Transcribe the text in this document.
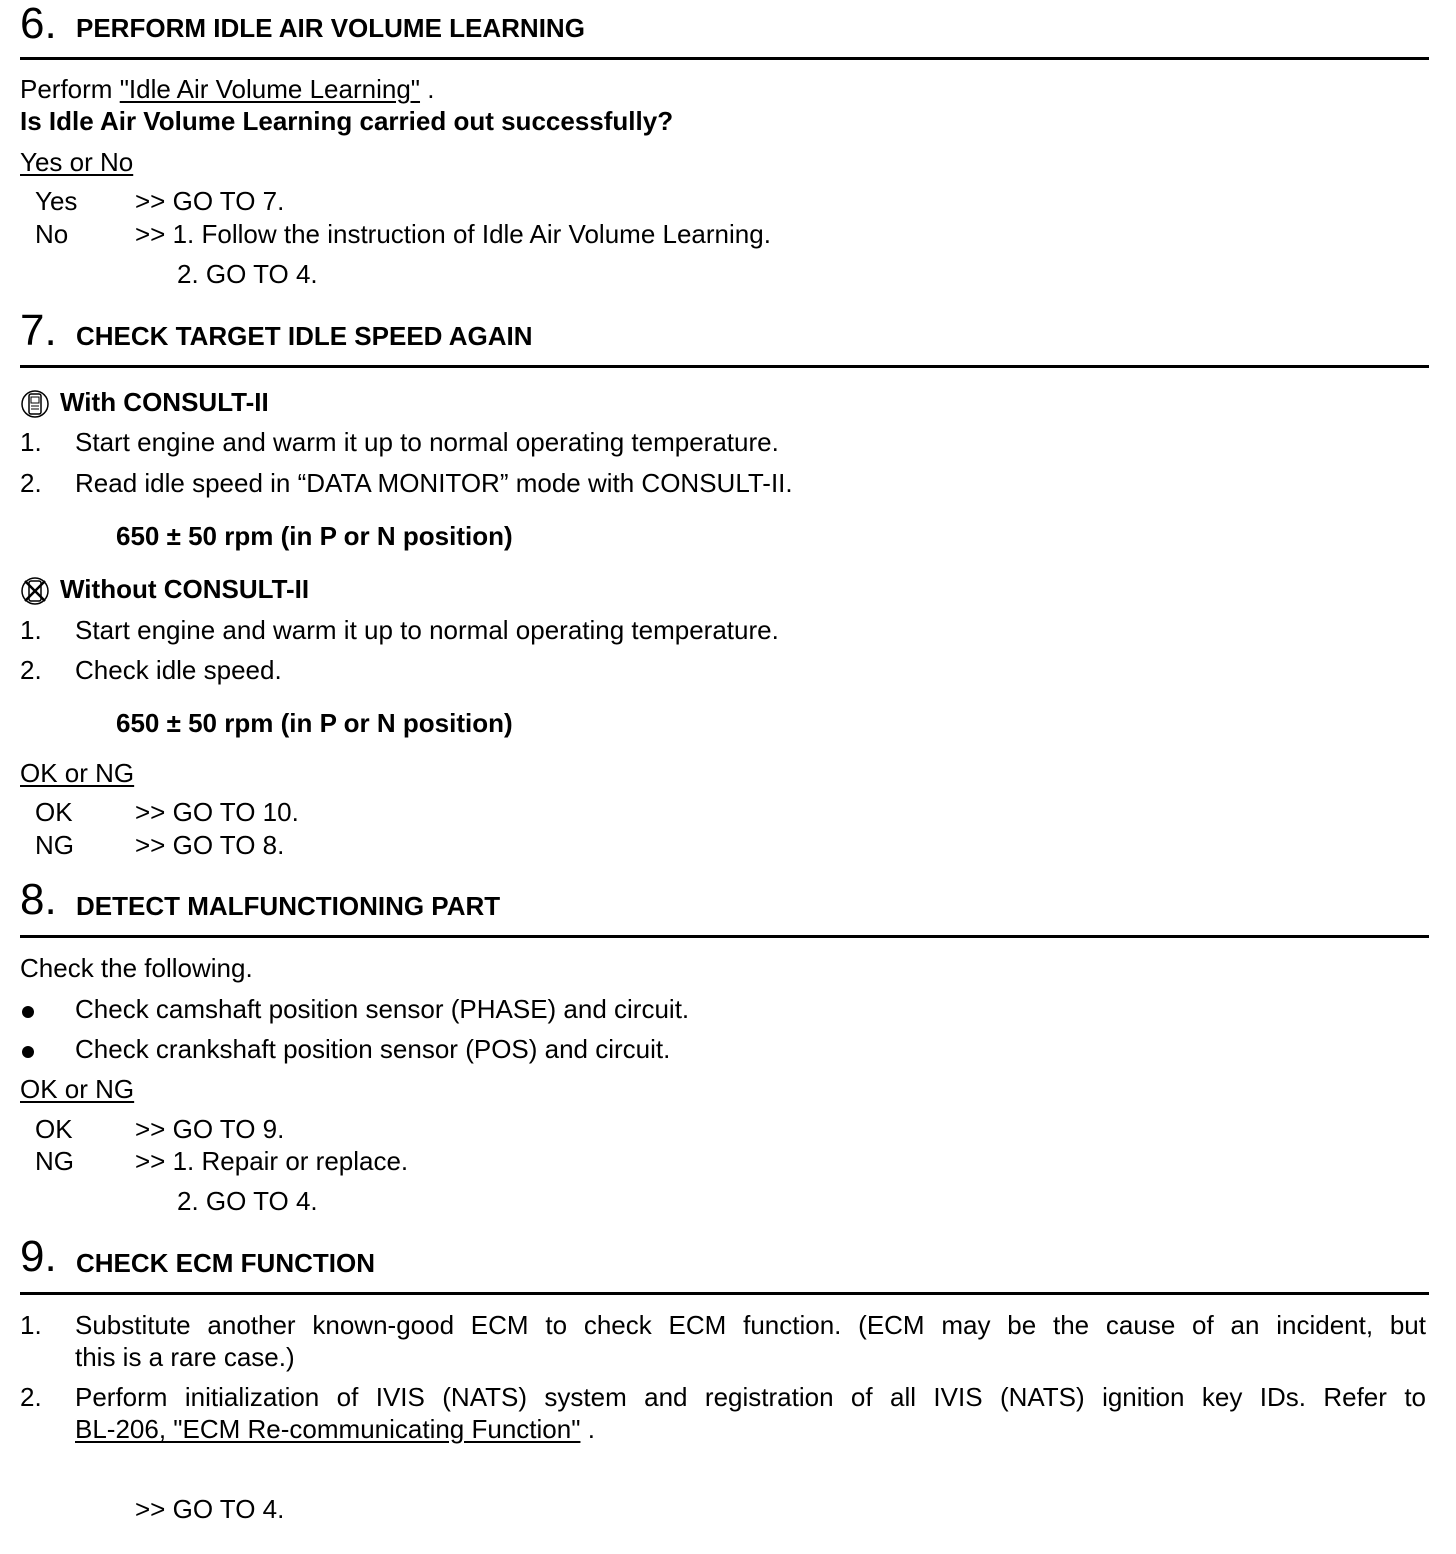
6. PERFORM IDLE AIR VOLUME LEARNING
Perform "Idle Air Volume Learning" .
Is Idle Air Volume Learning carried out successfully?
Yes or No
Yes >> GO TO 7.
No	>> 1. Follow the instruction of Idle Air Volume Learning.
2. GO TO 4.
7. CHECK TARGET IDLE SPEED AGAIN
With CONSULT-II
1. Start engine and warm it up to normal operating temperature.
2. Read idle speed in “DATA MONITOR” mode with CONSULT-II.
650 ± 50 rpm (in P or N position)
Without CONSULT-II
1. Start engine and warm it up to normal operating temperature.
2. Check idle speed.
650 ± 50 rpm (in P or N position)
OK or NG
OK >> GO TO 10.
NG >> GO TO 8.
8. DETECT MALFUNCTIONING PART
Check the following.
Check camshaft position sensor (PHASE) and circuit.
Check crankshaft position sensor (POS) and circuit.
OK or NG
OK >> GO TO 9.
NG >> 1. Repair or replace.
2. GO TO 4.
9. CHECK ECM FUNCTION
1. Substitute another known-good ECM to check ECM function. (ECM may be the cause of an incident, but
this is a rare case.)
2. Perform initialization of IVIS (NATS) system and registration of all IVIS (NATS) ignition key IDs. Refer to
BL-206, "ECM Re-communicating Function" .
>> GO TO 4.
